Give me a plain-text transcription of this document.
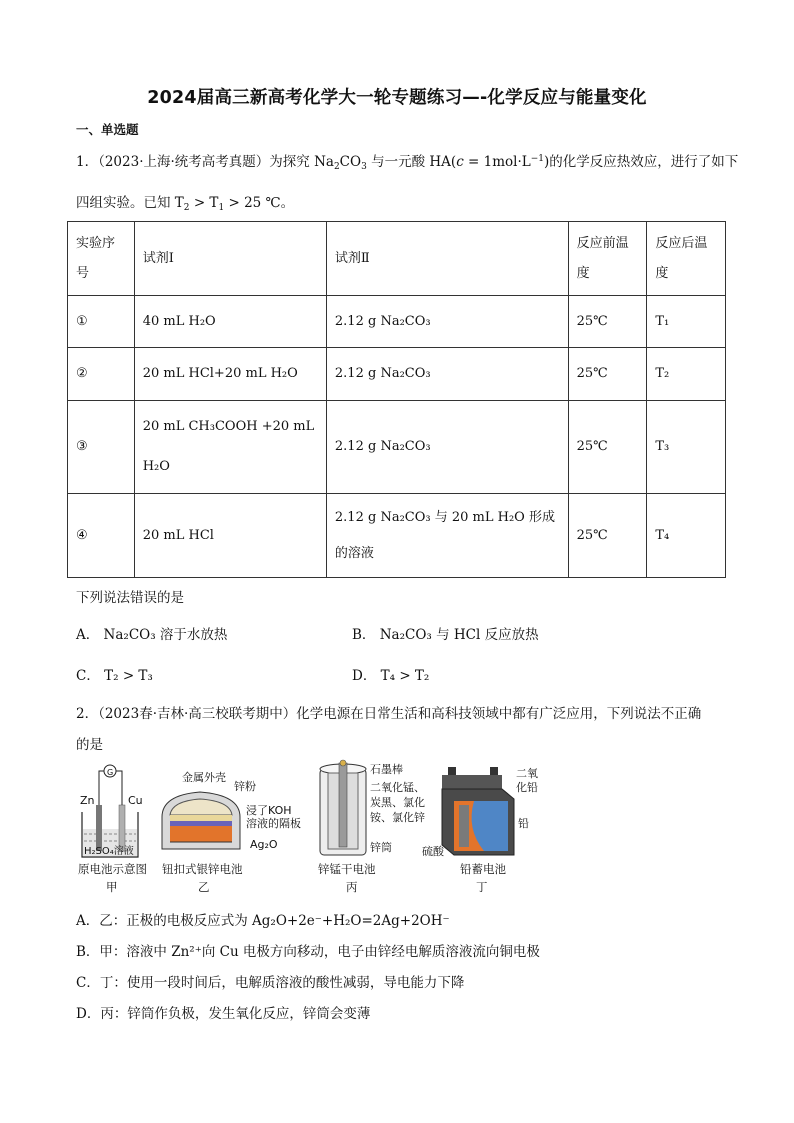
2024届高三新高考化学大一轮专题练习—-化学反应与能量变化
一、单选题
1．（2023·上海·统考高考真题）为探究 $Na_2CO_3$ 与一元酸 $HA(c = 1mol\cdot L^{-1})$的化学反应热效应，进行了如下
四组实验。已知 $T_2 > T_1 > 25$ ℃。
实验序号	试剂Ⅰ	试剂Ⅱ	反应前温度	反应后温度
①	40 mL H₂O	2.12 g Na₂CO₃	25℃	T₁
②	20 mL HCl+20 mL H₂O	2.12 g Na₂CO₃	25℃	T₂
③	20 mL CH₃COOH +20 mL H₂O	2.12 g Na₂CO₃	25℃	T₃
④	20 mL HCl	2.12 g Na₂CO₃ 与 20 mL H₂O 形成的溶液	25℃	T₄
下列说法错误的是
A． Na₂CO₃ 溶于水放热	B． Na₂CO₃ 与 HCl 反应放热
C． T₂ > T₃	D． T₄ > T₂
2．（2023春·吉林·高三校联考期中）化学电源在日常生活和高科技领域中都有广泛应用，下列说法不正确
的是
G
Zn	Cu
H₂SO₄溶液
原电池示意图
甲
金属外壳
锌粉
浸了KOH
溶液的隔板
Ag₂O
钮扣式银锌电池
乙
石墨棒
二氧化锰、
炭黑、氯化
铵、氯化锌
锌筒
锌锰干电池
丙
二氧
化铅
铅
硫酸
铅蓄电池
丁
A．乙：正极的电极反应式为 Ag₂O+2e⁻+H₂O=2Ag+2OH⁻
B．甲：溶液中 Zn²⁺向 Cu 电极方向移动，电子由锌经电解质溶液流向铜电极
C．丁：使用一段时间后，电解质溶液的酸性减弱，导电能力下降
D．丙：锌筒作负极，发生氧化反应，锌筒会变薄
